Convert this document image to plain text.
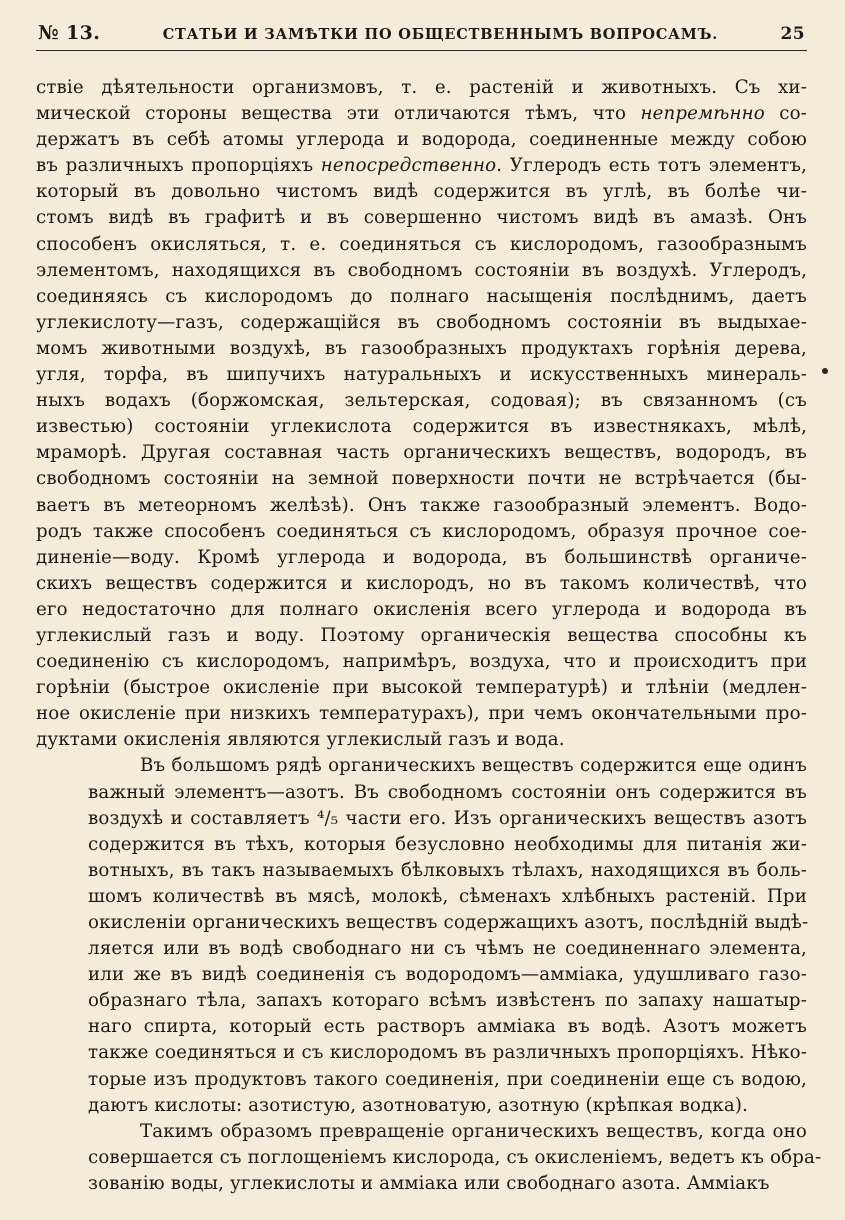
№ 13.	СТАТЬИ И ЗАМѢТКИ ПО ОБЩЕСТВЕННЫМЪ ВОПРОСАМЪ.	25

ствіе дѣятельности организмовъ, т. е. растеній и животныхъ. Съ хи-
мической стороны вещества эти отличаются тѣмъ, что непремѣнно со-
держатъ въ себѣ атомы углерода и водорода, соединенные между собою
въ различныхъ пропорціяхъ непосредственно. Углеродъ есть тотъ элементъ,
который въ довольно чистомъ видѣ содержится въ углѣ, въ болѣе чи-
стомъ видѣ въ графитѣ и въ совершенно чистомъ видѣ въ амазѣ. Онъ
способенъ окисляться, т. е. соединяться съ кислородомъ, газообразнымъ
элементомъ, находящихся въ свободномъ состояніи въ воздухѣ. Углеродъ,
соединяясь съ кислородомъ до полнаго насыщенія послѣднимъ, даетъ
углекислоту—газъ, содержащійся въ свободномъ состояніи въ выдыхае-
момъ животными воздухѣ, въ газообразныхъ продуктахъ горѣнія дерева,
угля, торфа, въ шипучихъ натуральныхъ и искусственныхъ минераль-
ныхъ водахъ (боржомская, зельтерская, содовая); въ связанномъ (съ
известью) состояніи углекислота содержится въ известнякахъ, мѣлѣ,
мраморѣ. Другая составная часть органическихъ веществъ, водородъ, въ
свободномъ состояніи на земной поверхности почти не встрѣчается (бы-
ваетъ въ метеорномъ желѣзѣ). Онъ также газообразный элементъ. Водо-
родъ также способенъ соединяться съ кислородомъ, образуя прочное сое-
диненіе—воду. Кромѣ углерода и водорода, въ большинствѣ органиче-
скихъ веществъ содержится и кислородъ, но въ такомъ количествѣ, что
его недостаточно для полнаго окисленія всего углерода и водорода въ
углекислый газъ и воду. Поэтому органическія вещества способны къ
соединенію съ кислородомъ, напримѣръ, воздуха, что и происходитъ при
горѣніи (быстрое окисленіе при высокой температурѣ) и тлѣніи (медлен-
ное окисленіе при низкихъ температурахъ), при чемъ окончательными про-
дуктами окисленія являются углекислый газъ и вода.

Въ большомъ рядѣ органическихъ веществъ содержится еще одинъ
важный элементъ—азотъ. Въ свободномъ состояніи онъ содержится въ
воздухѣ и составляетъ ⁴/₅ части его. Изъ органическихъ веществъ азотъ
содержится въ тѣхъ, которыя безусловно необходимы для питанія жи-
вотныхъ, въ такъ называемыхъ бѣлковыхъ тѣлахъ, находящихся въ боль-
шомъ количествѣ въ мясѣ, молокѣ, сѣменахъ хлѣбныхъ растеній. При
окисленіи органическихъ веществъ содержащихъ азотъ, послѣдній выдѣ-
ляется или въ водѣ свободнаго ни съ чѣмъ не соединеннаго элемента,
или же въ видѣ соединенія съ водородомъ—аммiака, удушливаго газо-
образнаго тѣла, запахъ котораго всѣмъ извѣстенъ по запаху нашатыр-
наго спирта, который есть растворъ аммiака въ водѣ. Азотъ можетъ
также соединяться и съ кислородомъ въ различныхъ пропорціяхъ. Нѣко-
торые изъ продуктовъ такого соединенія, при соединеніи еще съ водою,
даютъ кислоты: азотистую, азотноватую, азотную (крѣпкая водка).

Такимъ образомъ превращеніе органическихъ веществъ, когда оно
совершается съ поглощеніемъ кислорода, съ окисленіемъ, ведетъ къ обра-
зованію воды, углекислоты и аммiака или свободнаго азота. Аммiакъ
